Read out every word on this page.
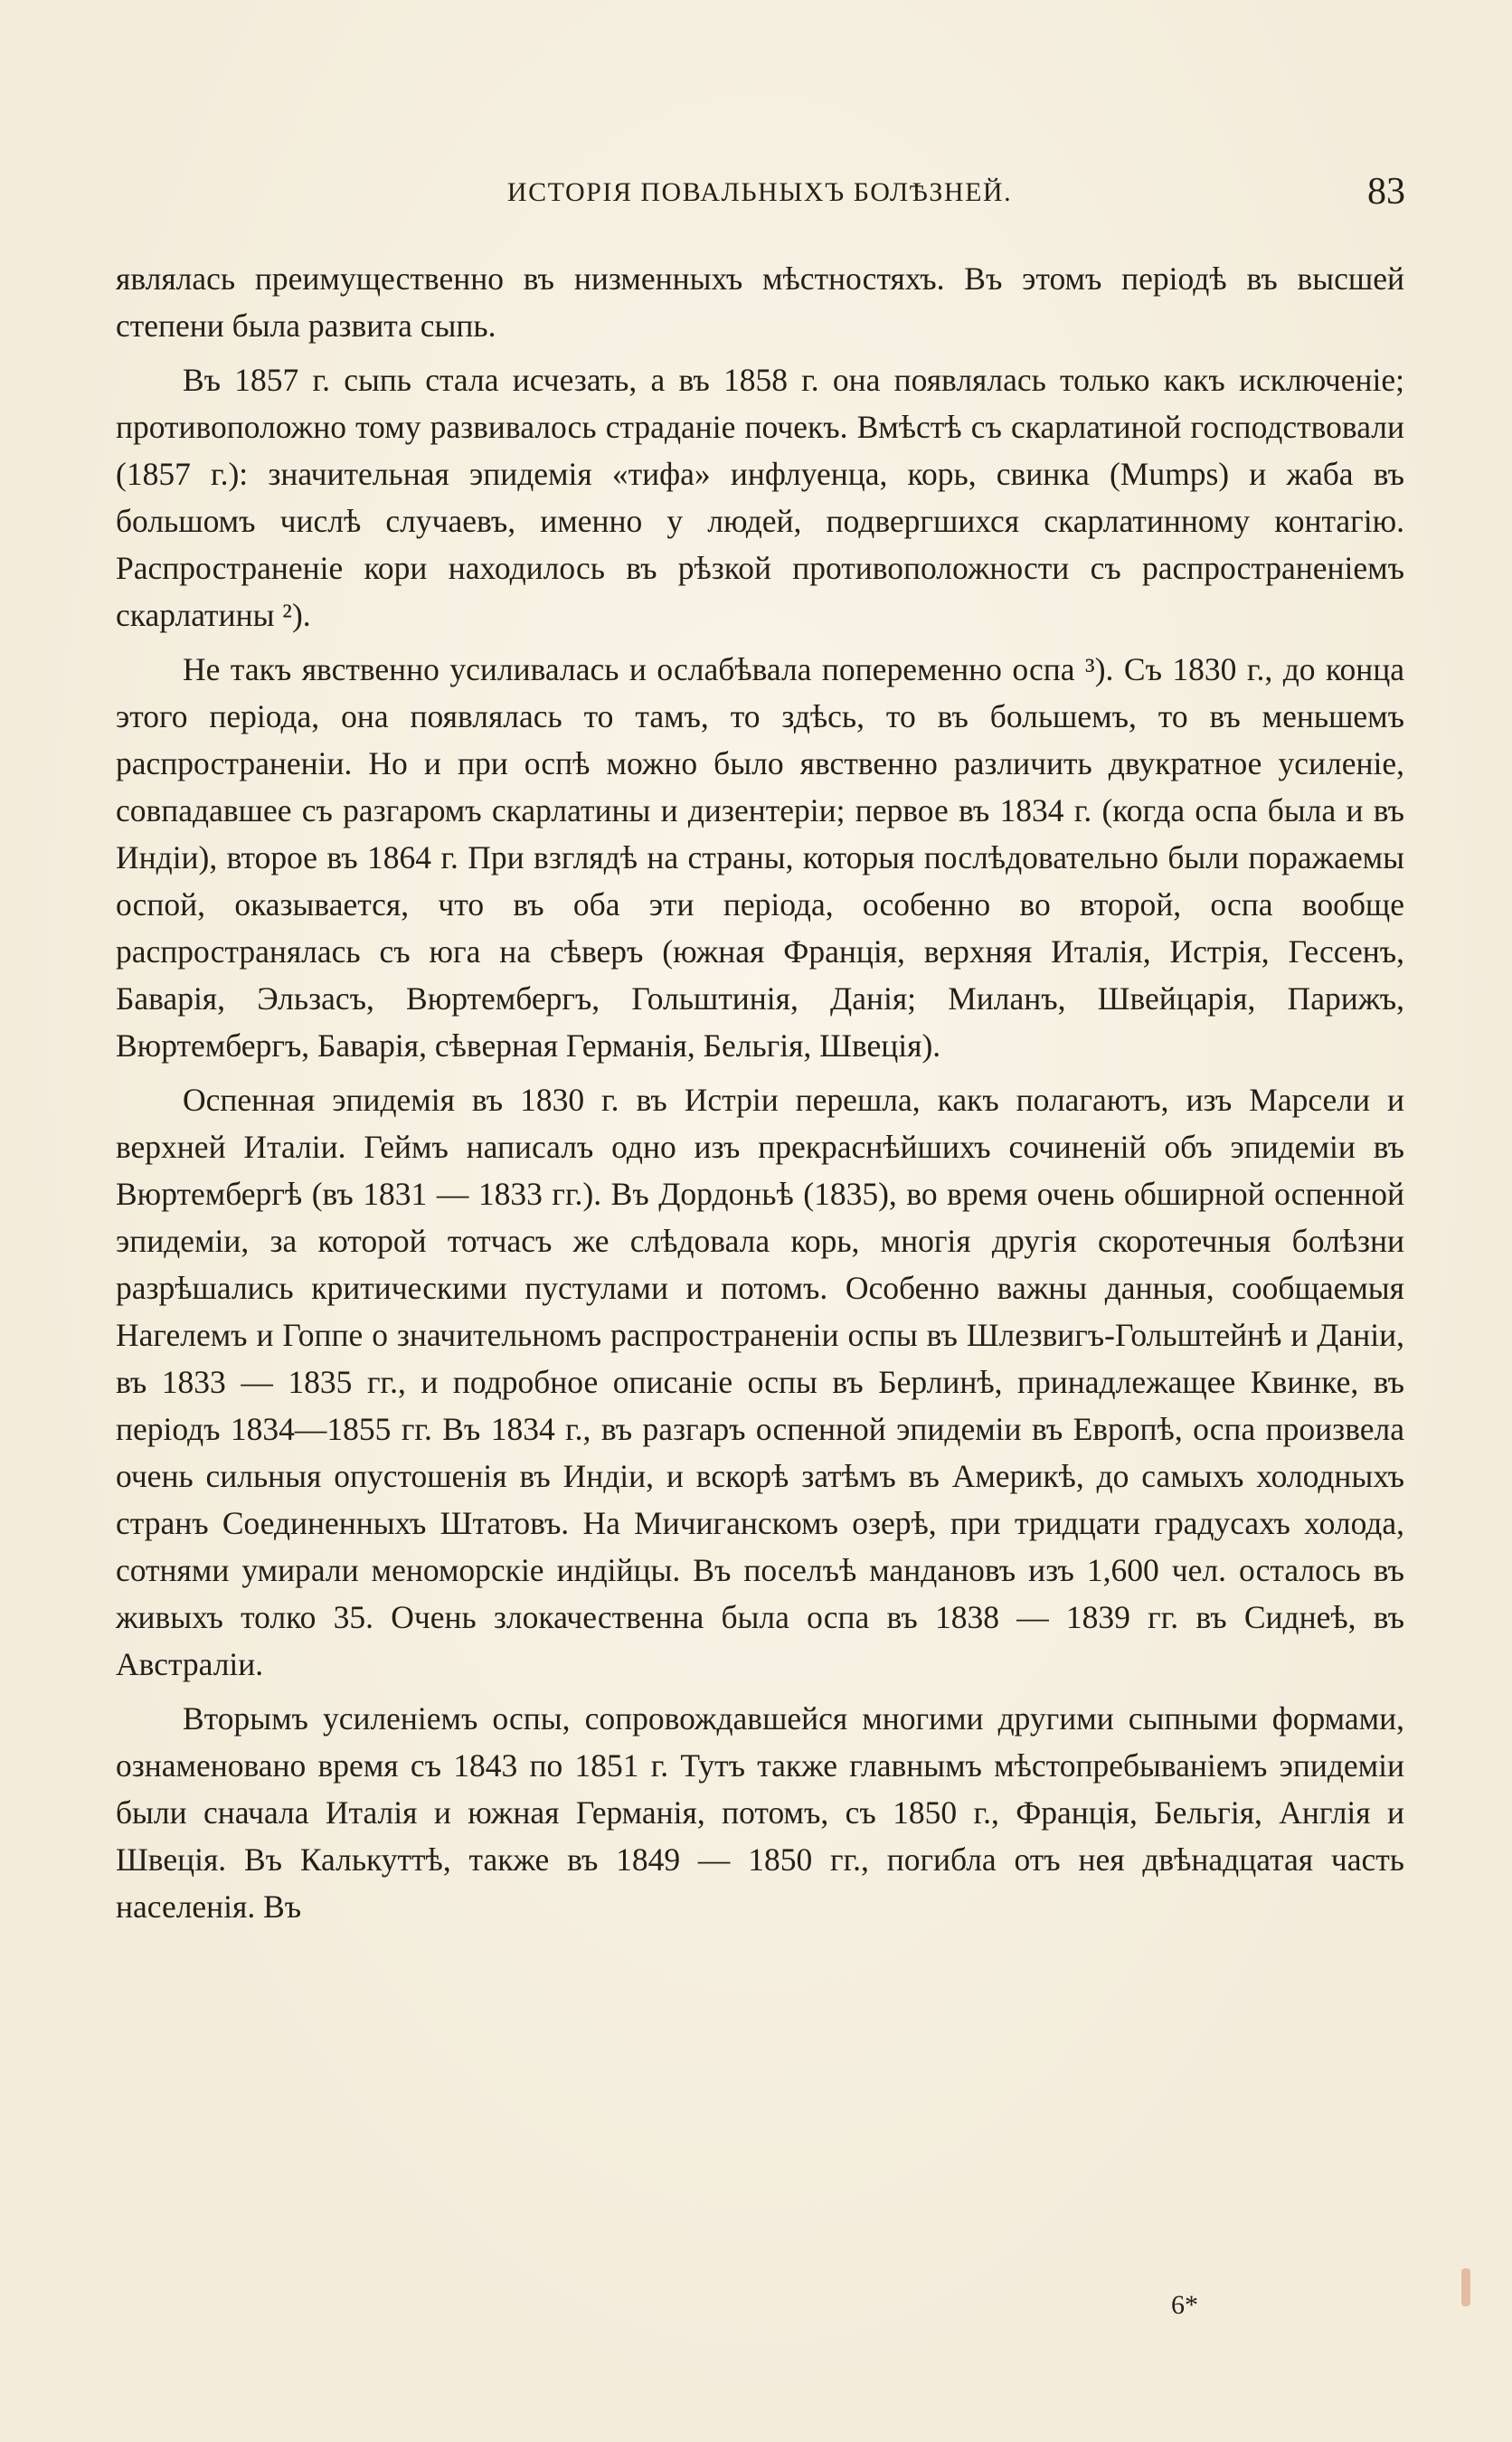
ИСТОРІЯ ПОВАЛЬНЫХЪ БОЛѢЗНЕЙ.	83

являлась преимущественно въ низменныхъ мѣстностяхъ. Въ этомъ періодѣ въ высшей степени была развита сыпь.

Въ 1857 г. сыпь стала исчезать, а въ 1858 г. она появлялась только какъ исключеніе; противоположно тому развивалось страданіе почекъ. Вмѣстѣ съ скарлатиной господствовали (1857 г.): значительная эпидемія «тифа» инфлуенца, корь, свинка (Mumps) и жаба въ большомъ числѣ случаевъ, именно у людей, подвергшихся скарлатинному контагію. Распространеніе кори находилось въ рѣзкой противоположности съ распространеніемъ скарлатины ²).

Не такъ явственно усиливалась и ослабѣвала попеременно оспа ³). Съ 1830 г., до конца этого періода, она появлялась то тамъ, то здѣсь, то въ большемъ, то въ меньшемъ распространеніи. Но и при оспѣ можно было явственно различить двукратное усиленіе, совпадавшее съ разгаромъ скарлатины и дизентеріи; первое въ 1834 г. (когда оспа была и въ Индіи), второе въ 1864 г. При взглядѣ на страны, которыя послѣдовательно были поражаемы оспой, оказывается, что въ оба эти періода, особенно во второй, оспа вообще распространялась съ юга на сѣверъ (южная Франція, верхняя Италія, Истрія, Гессенъ, Баварія, Эльзасъ, Вюртембергъ, Гольштинія, Данія; Миланъ, Швейцарія, Парижъ, Вюртембергъ, Баварія, сѣверная Германія, Бельгія, Швеція).

Оспенная эпидемія въ 1830 г. въ Истріи перешла, какъ полагаютъ, изъ Марсели и верхней Италіи. Геймъ написалъ одно изъ прекраснѣйшихъ сочиненій объ эпидеміи въ Вюртембергѣ (въ 1831 — 1833 гг.). Въ Дордоньѣ (1835), во время очень обширной оспенной эпидеміи, за которой тотчасъ же слѣдовала корь, многія другія скоротечныя болѣзни разрѣшались критическими пустулами и потомъ. Особенно важны данныя, сообщаемыя Нагелемъ и Гоппе о значительномъ распространеніи оспы въ Шлезвигъ-Гольштейнѣ и Даніи, въ 1833 — 1835 гг., и подробное описаніе оспы въ Берлинѣ, принадлежащее Квинке, въ періодъ 1834—1855 гг. Въ 1834 г., въ разгаръ оспенной эпидеміи въ Европѣ, оспа произвела очень сильныя опустошенія въ Индіи, и вскорѣ затѣмъ въ Америкѣ, до самыхъ холодныхъ странъ Соединенныхъ Штатовъ. На Мичиганскомъ озерѣ, при тридцати градусахъ холода, сотнями умирали меноморскіе индійцы. Въ поселъѣ мандановъ изъ 1,600 чел. осталось въ живыхъ толко 35. Очень злокачественна была оспа въ 1838 — 1839 гг. въ Сиднеѣ, въ Австраліи.

Вторымъ усиленіемъ оспы, сопровождавшейся многими другими сыпными формами, ознаменовано время съ 1843 по 1851 г. Тутъ также главнымъ мѣстопребываніемъ эпидеміи были сначала Италія и южная Германія, потомъ, съ 1850 г., Франція, Бельгія, Англія и Швеція. Въ Калькуттѣ, также въ 1849 — 1850 гг., погибла отъ нея двѣнадцатая часть населенія. Въ

6*
